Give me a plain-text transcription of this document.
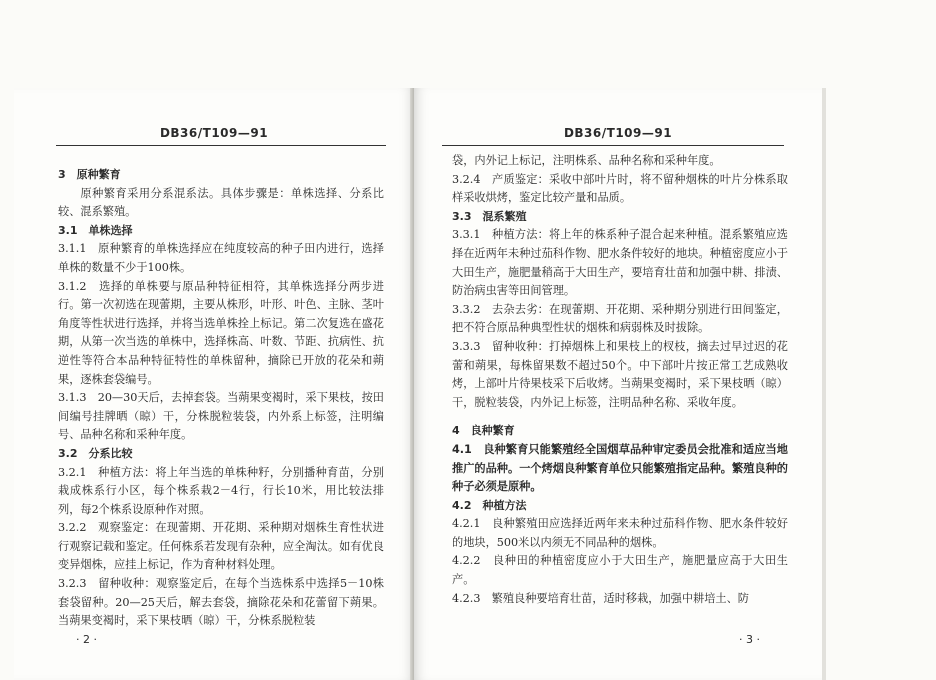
DB36/T109—91
3　原种繁育

原种繁育采用分系混系法。具体步骤是：单株选择、分系比较、混系繁殖。

3.1　单株选择

3.1.1　原种繁育的单株选择应在纯度较高的种子田内进行，选择单株的数量不少于100株。

3.1.2　选择的单株要与原品种特征相符，其单株选择分两步进行。第一次初选在现蕾期，主要从株形，叶形、叶色、主脉、茎叶角度等性状进行选择，并将当选单株拴上标记。第二次复选在盛花期，从第一次当选的单株中，选择株高、叶数、节距、抗病性、抗逆性等符合本品种特征特性的单株留种，摘除已开放的花朵和蒴果，逐株套袋编号。

3.1.3　20—30天后，去掉套袋。当蒴果变褐时，采下果枝，按田间编号挂牌晒（晾）干，分株脱粒装袋，内外系上标签，注明编号、品种名称和采种年度。

3.2　分系比较

3.2.1　种植方法：将上年当选的单株种籽，分别播种育苗，分别栽成株系行小区，每个株系栽2－4行，行长10米，用比较法排列，每2个株系设原种作对照。

3.2.2　观察鉴定：在现蕾期、开花期、采种期对烟株生育性状进行观察记载和鉴定。任何株系若发现有杂种，应全淘汰。如有优良变异烟株，应挂上标记，作为育种材料处理。

3.2.3　留种收种：观察鉴定后，在每个当选株系中选择5－10株套袋留种。20—25天后，解去套袋，摘除花朵和花蕾留下蒴果。当蒴果变褐时，采下果枝晒（晾）干，分株系脱粒装

· 2 ·
DB36/T109—91

袋，内外记上标记，注明株系、品种名称和采种年度。

3.2.4　产质鉴定：采收中部叶片时，将不留种烟株的叶片分株系取样采收烘烤，鉴定比较产量和品质。

3.3　混系繁殖

3.3.1　种植方法：将上年的株系种子混合起来种植。混系繁殖应选择在近两年未种过茄科作物、肥水条件较好的地块。种植密度应小于大田生产，施肥量稍高于大田生产，要培育壮苗和加强中耕、排渍、防治病虫害等田间管理。

3.3.2　去杂去劣：在现蕾期、开花期、采种期分别进行田间鉴定，把不符合原品种典型性状的烟株和病弱株及时拔除。

3.3.3　留种收种：打掉烟株上和果枝上的杈枝，摘去过早过迟的花蕾和蒴果，每株留果数不超过50个。中下部叶片按正常工艺成熟收烤，上部叶片待果枝采下后收烤。当蒴果变褐时，采下果枝晒（晾）干，脱粒装袋，内外记上标签，注明品种名称、采收年度。

4　良种繁育

4.1　良种繁育只能繁殖经全国烟草品种审定委员会批准和适应当地推广的品种。一个烤烟良种繁育单位只能繁殖指定品种。繁殖良种的种子必须是原种。

4.2　种植方法

4.2.1　良种繁殖田应选择近两年来未种过茄科作物、肥水条件较好的地块，500米以内须无不同品种的烟株。

4.2.2　良种田的种植密度应小于大田生产，施肥量应高于大田生产。

4.2.3　繁殖良种要培育壮苗，适时移栽，加强中耕培土、防

· 3 ·
